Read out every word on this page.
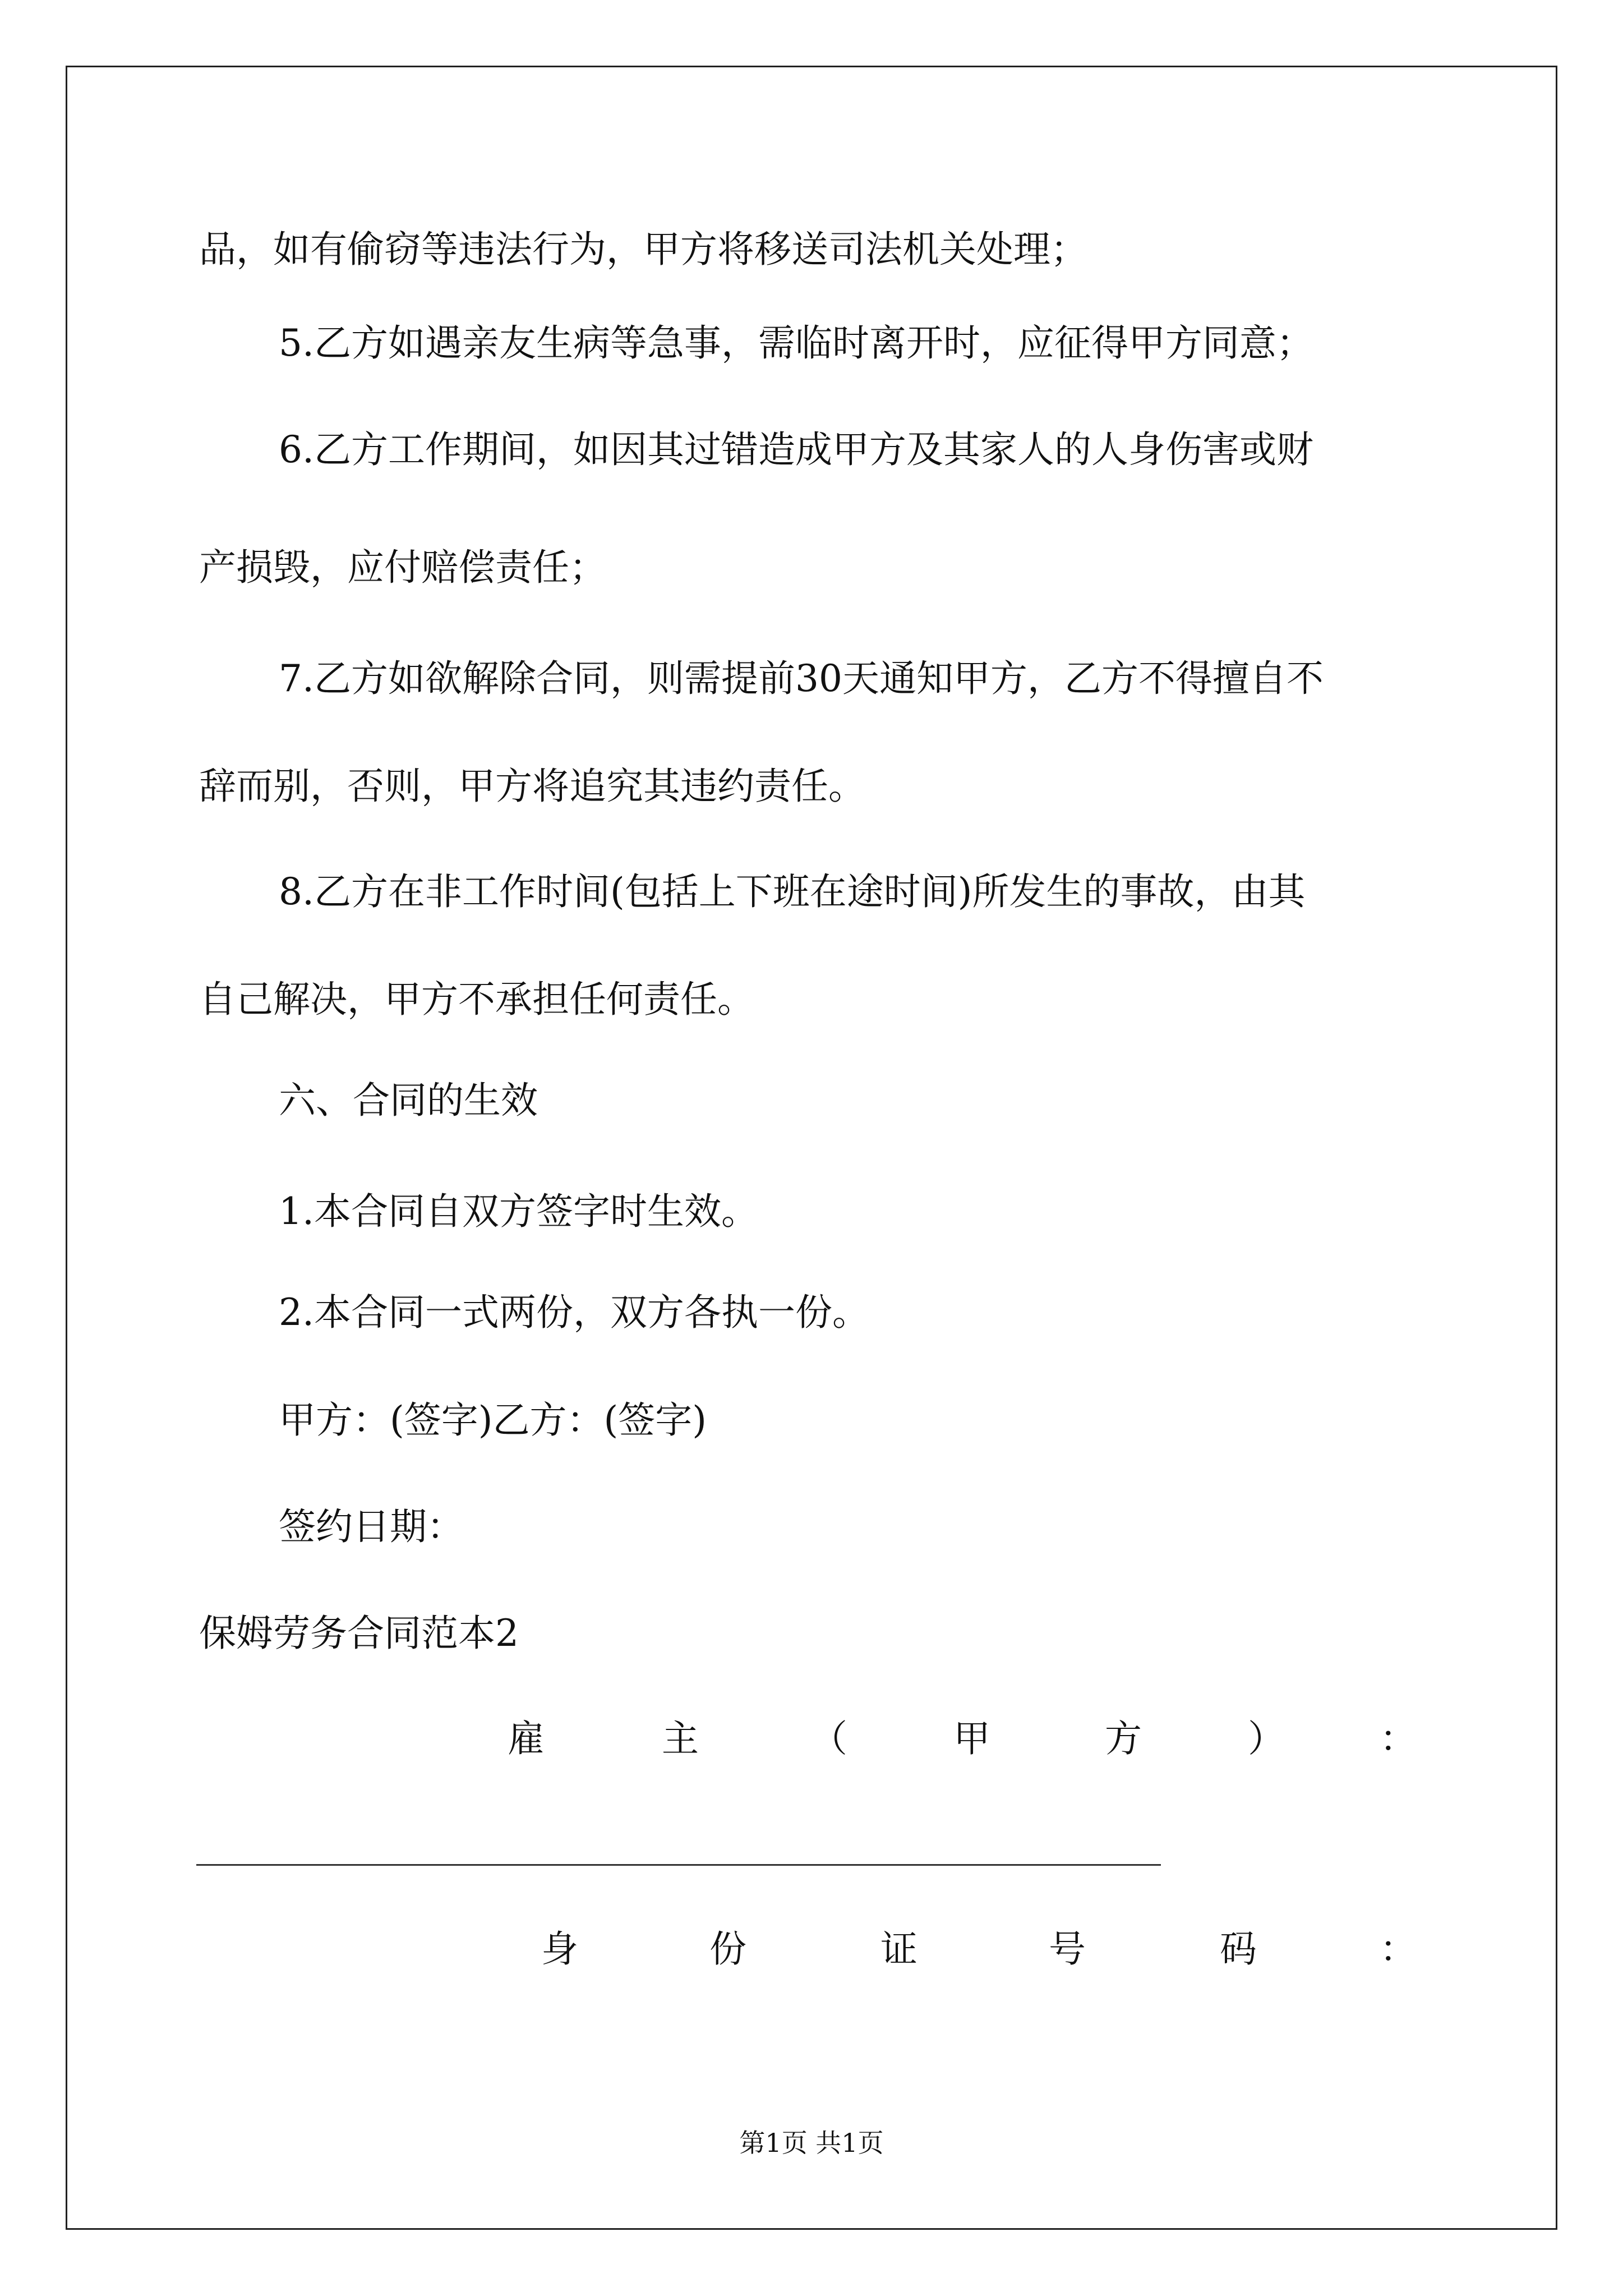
品，如有偷窃等违法行为，甲方将移送司法机关处理；
5.乙方如遇亲友生病等急事，需临时离开时，应征得甲方同意；
6.乙方工作期间，如因其过错造成甲方及其家人的人身伤害或财
产损毁，应付赔偿责任；
7.乙方如欲解除合同，则需提前30天通知甲方，乙方不得擅自不
辞而别，否则，甲方将追究其违约责任。
8.乙方在非工作时间(包括上下班在途时间)所发生的事故，由其
自己解决，甲方不承担任何责任。
六、合同的生效
1.本合同自双方签字时生效。
2.本合同一式两份，双方各执一份。
甲方：(签字)乙方：(签字)
签约日期：
保姆劳务合同范本2
雇	主	（	甲	方	）	：
身	份	证	号	码	：
第1页 共1页
